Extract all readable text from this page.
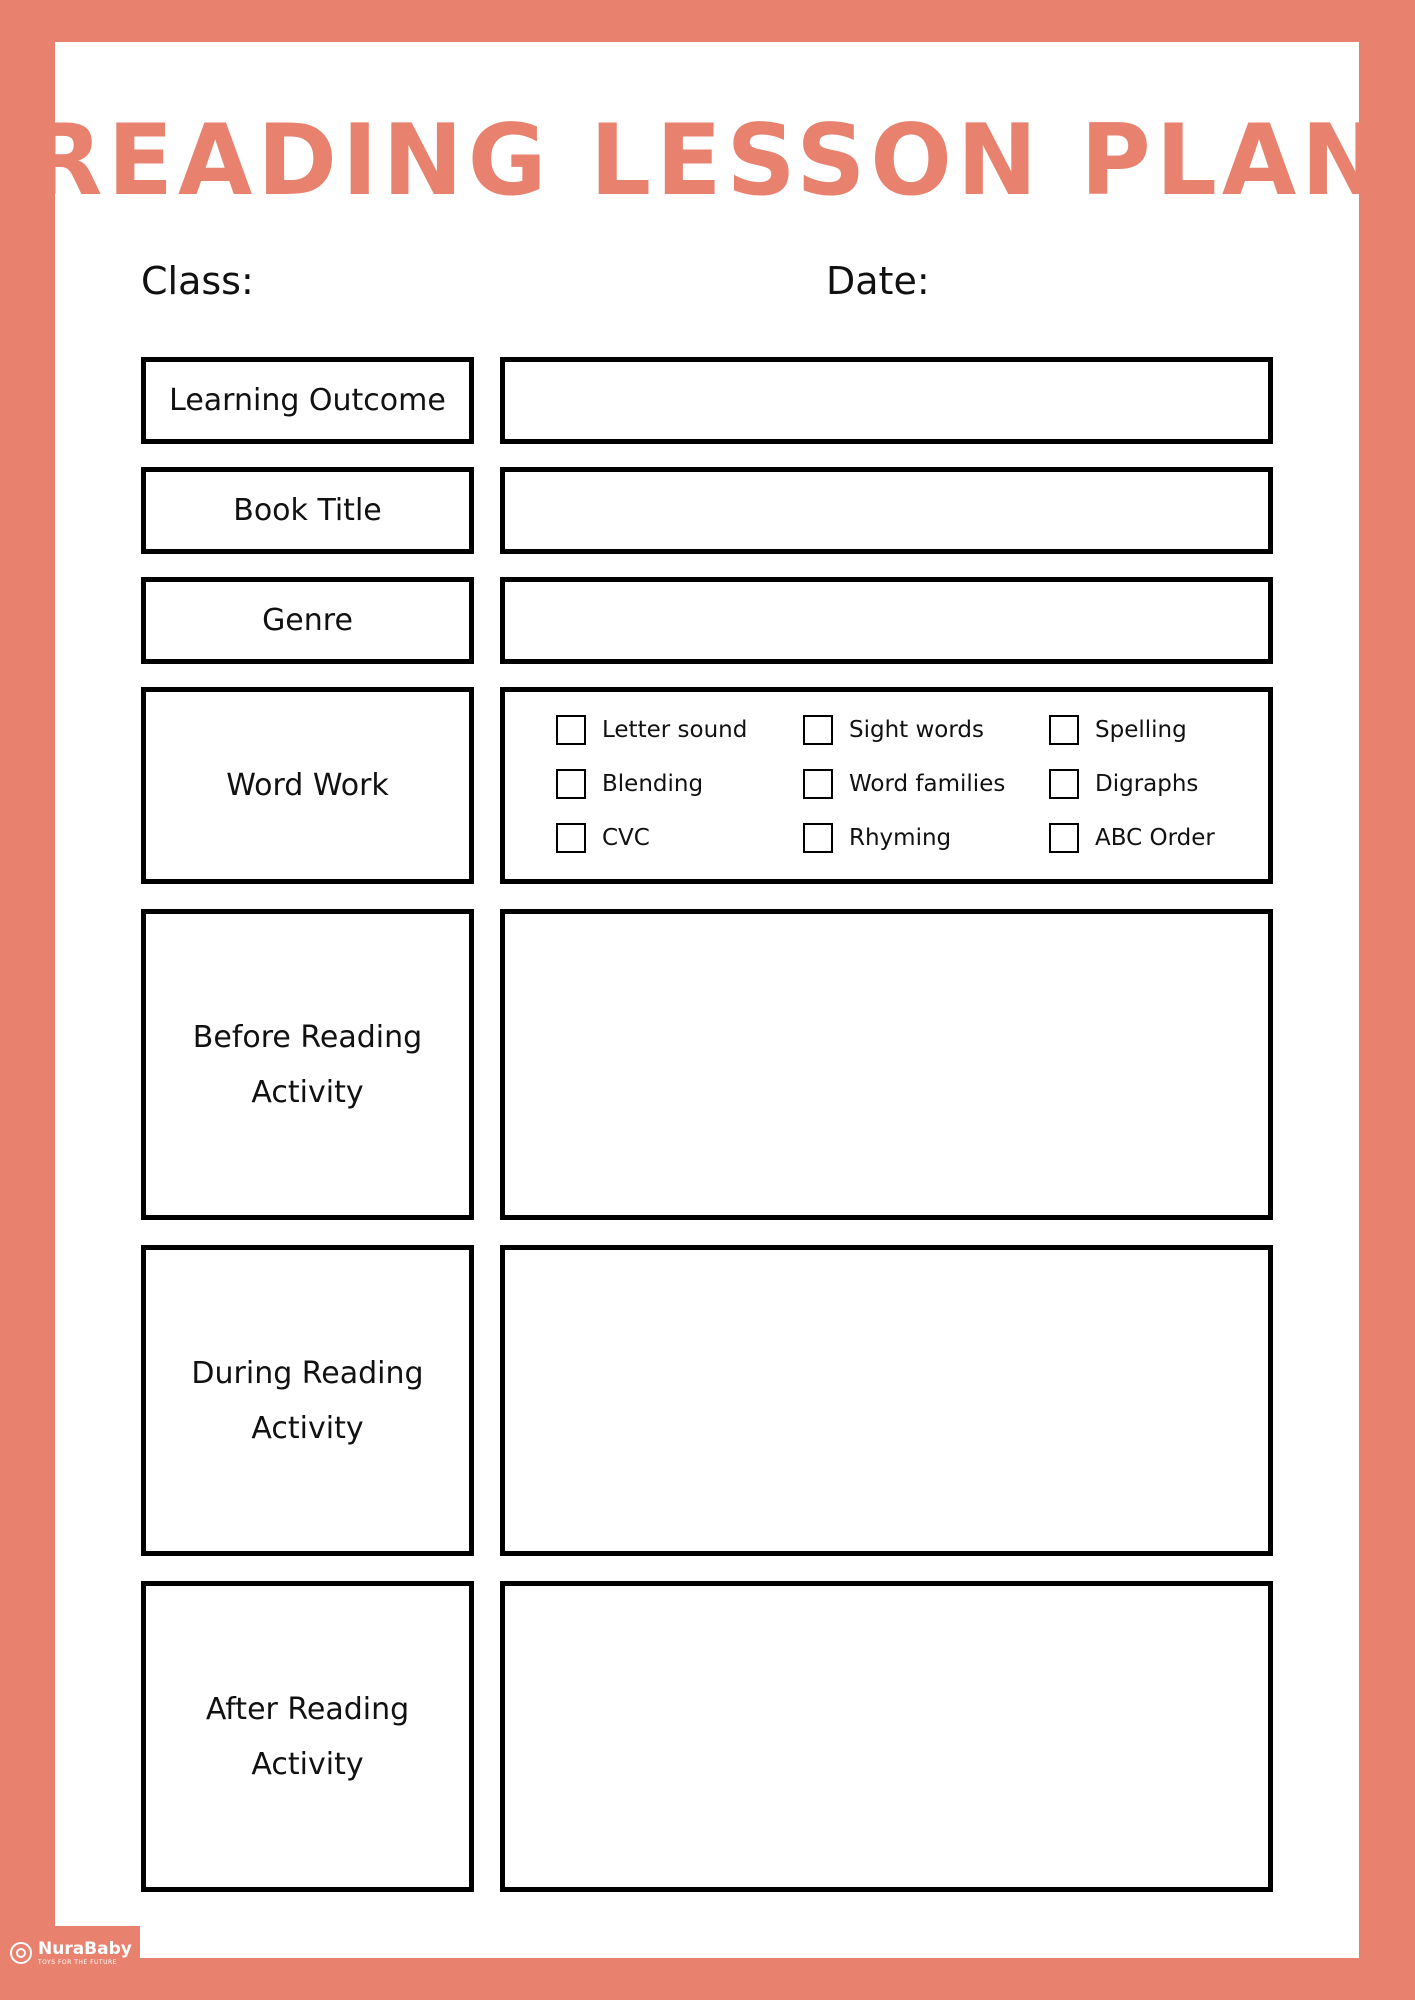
READING LESSON PLAN
Class:	Date:
Learning Outcome
Book Title
Genre
Word Work
Letter sound	Sight words	Spelling
Blending	Word families	Digraphs
CVC	Rhyming	ABC Order
Before Reading
Activity
During Reading
Activity
After Reading
Activity
NuraBaby
TOYS FOR THE FUTURE
